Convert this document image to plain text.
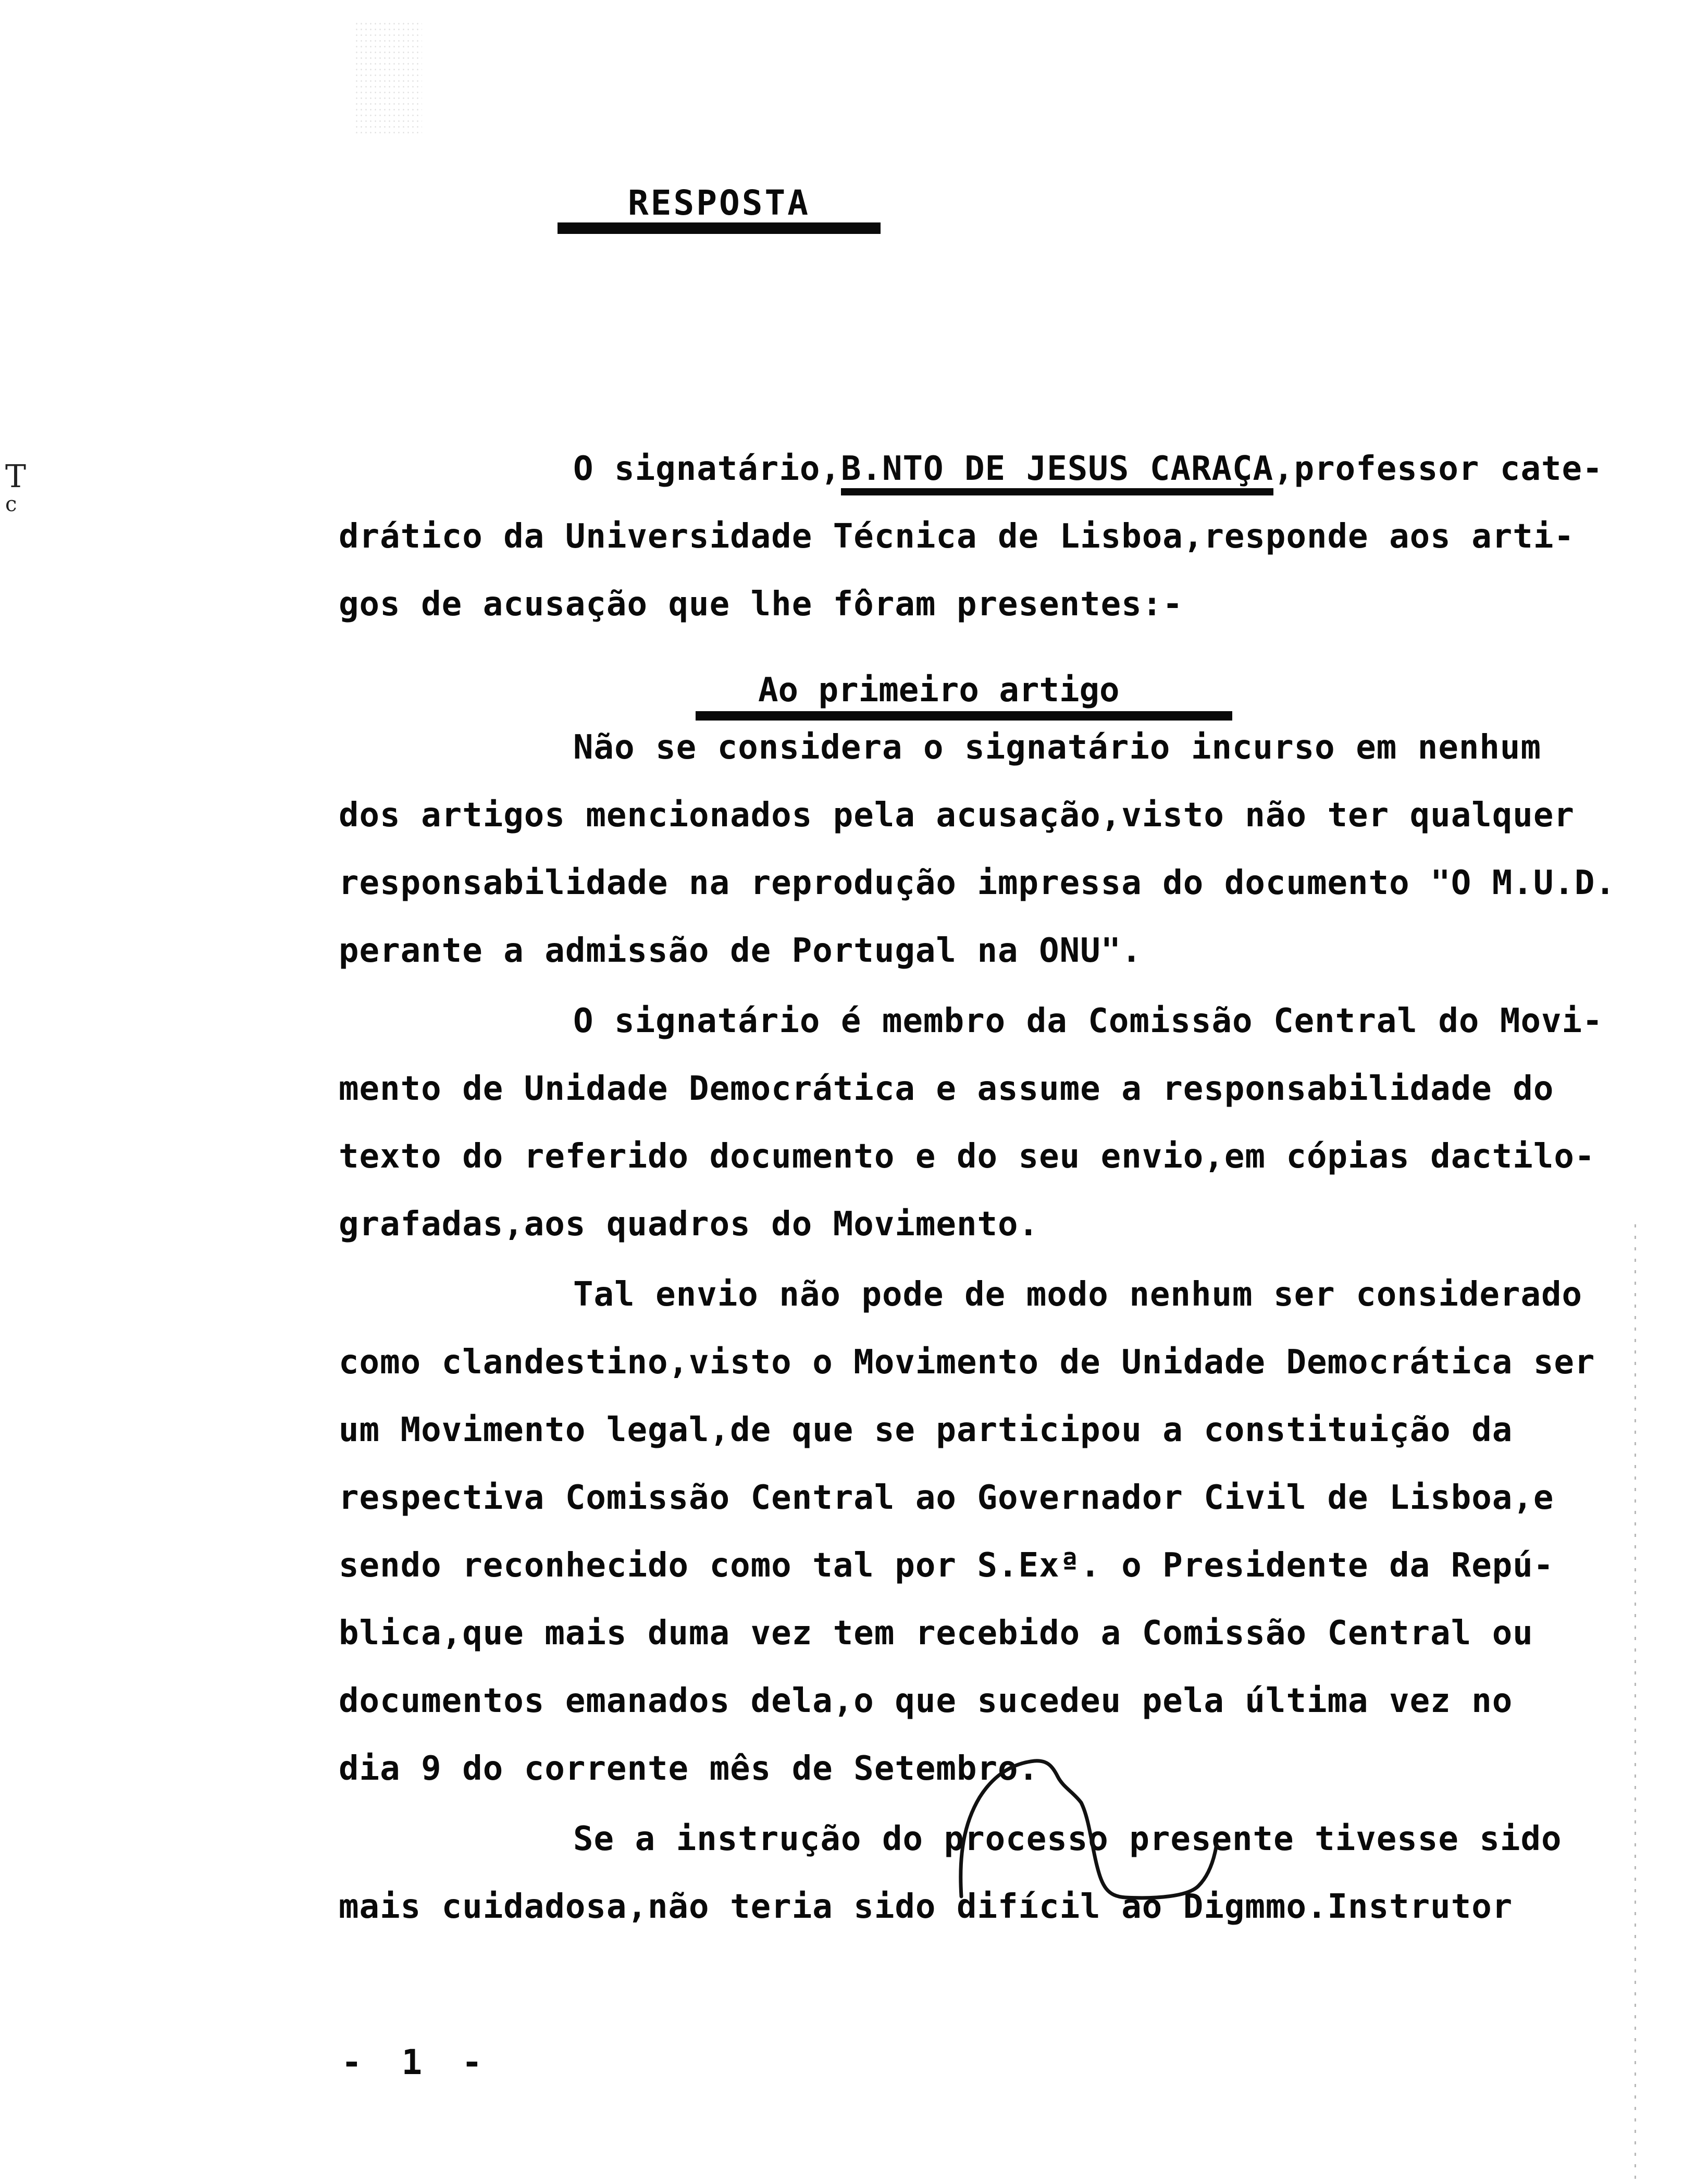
T
c
RESPOSTA
O signatário,B.NTO DE JESUS CARAÇA,professor cate-
drático da Universidade Técnica de Lisboa,responde aos arti-
gos de acusação que lhe fôram presentes:-
Ao primeiro artigo
Não se considera o signatário incurso em nenhum
dos artigos mencionados pela acusação,visto não ter qualquer
responsabilidade na reprodução impressa do documento "O M.U.D.
perante a admissão de Portugal na ONU".
O signatário é membro da Comissão Central do Movi-
mento de Unidade Democrática e assume a responsabilidade do
texto do referido documento e do seu envio,em cópias dactilo-
grafadas,aos quadros do Movimento.
Tal envio não pode de modo nenhum ser considerado
como clandestino,visto o Movimento de Unidade Democrática ser
um Movimento legal,de que se participou a constituição da
respectiva Comissão Central ao Governador Civil de Lisboa,e
sendo reconhecido como tal por S.Exª. o Presidente da Repú-
blica,que mais duma vez tem recebido a Comissão Central ou
documentos emanados dela,o que sucedeu pela última vez no
dia 9 do corrente mês de Setembro.
Se a instrução do processo presente tivesse sido
mais cuidadosa,não teria sido difícil ao Digmmo.Instrutor
- 1 -
